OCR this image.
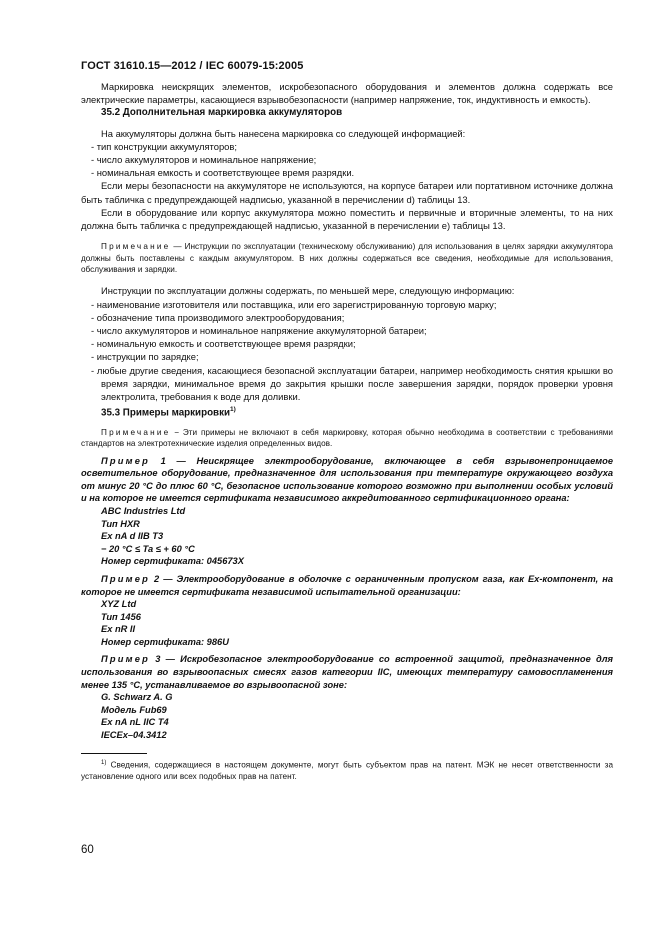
ГОСТ 31610.15—2012 / IEC 60079-15:2005

Маркировка неискрящих элементов, искробезопасного оборудования и элементов должна содержать все электрические параметры, касающиеся взрывобезопасности (например напряжение, ток, индуктивность и емкость).

35.2 Дополнительная маркировка аккумуляторов

На аккумуляторы должна быть нанесена маркировка со следующей информацией:

- тип конструкции аккумуляторов;
- число аккумуляторов и номинальное напряжение;
- номинальная емкость и соответствующее время разрядки.

Если меры безопасности на аккумуляторе не используются, на корпусе батареи или портативном источнике должна быть табличка с предупреждающей надписью, указанной в перечислении d) таблицы 13.

Если в оборудование или корпус аккумулятора можно поместить и первичные и вторичные элементы, то на них должна быть табличка с предупреждающей надписью, указанной в перечислении e) таблицы 13.

Примечание — Инструкции по эксплуатации (техническому обслуживанию) для использования в целях зарядки аккумулятора должны быть поставлены с каждым аккумулятором. В них должны содержаться все сведения, необходимые для использования, обслуживания и зарядки.

Инструкции по эксплуатации должны содержать, по меньшей мере, следующую информацию:

- наименование изготовителя или поставщика, или его зарегистрированную торговую марку;
- обозначение типа производимого электрооборудования;
- число аккумуляторов и номинальное напряжение аккумуляторной батареи;
- номинальную емкость и соответствующее время разрядки;
- инструкции по зарядке;
- любые другие сведения, касающиеся безопасной эксплуатации батареи, например необходимость снятия крышки во время зарядки, минимальное время до закрытия крышки после завершения зарядки, порядок проверки уровня электролита, требования к воде для доливки.
35.3 Примеры маркировки$^{1)}$

Примечание − Эти примеры не включают в себя маркировку, которая обычно необходима в соответствии с требованиями стандартов на электротехнические изделия определенных видов.

Пример 1 — Неискрящее электрооборудование, включающее в себя взрывонепроницаемое осветительное оборудование, предназначенное для использования при температуре окружающего воздуха от минус 20 °С до плюс 60 °С, безопасное использование которого возможно при выполнении особых условий и на которое не имеется сертификата независимого аккредитованного сертификационного органа:

ABC Industries Ltd
Тип HXR
Ex nA d IIB T3
− 20 °C ≤ Ta ≤ + 60 °C
Номер сертификата: 045673X

Пример 2 — Электрооборудование в оболочке с ограниченным пропуском газа, как Ex-компонент, на которое не имеется сертификата независимой испытательной организации:

XYZ Ltd
Тип 1456
Ex nR II
Номер сертификата: 986U

Пример 3 — Искробезопасное электрооборудование со встроенной защитой, предназначенное для использования во взрывоопасных смесях газов категории IIC, имеющих температуру самовоспламенения менее 135 °С, устанавливаемое во взрывоопасной зоне:

G. Schwarz A. G
Модель Fub69
Ex nA nL IIC T4
IECEx–04.3412

$^{1)}$ Сведения, содержащиеся в настоящем документе, могут быть субъектом прав на патент. МЭК не несет ответственности за установление одного или всех подобных прав на патент.

60
